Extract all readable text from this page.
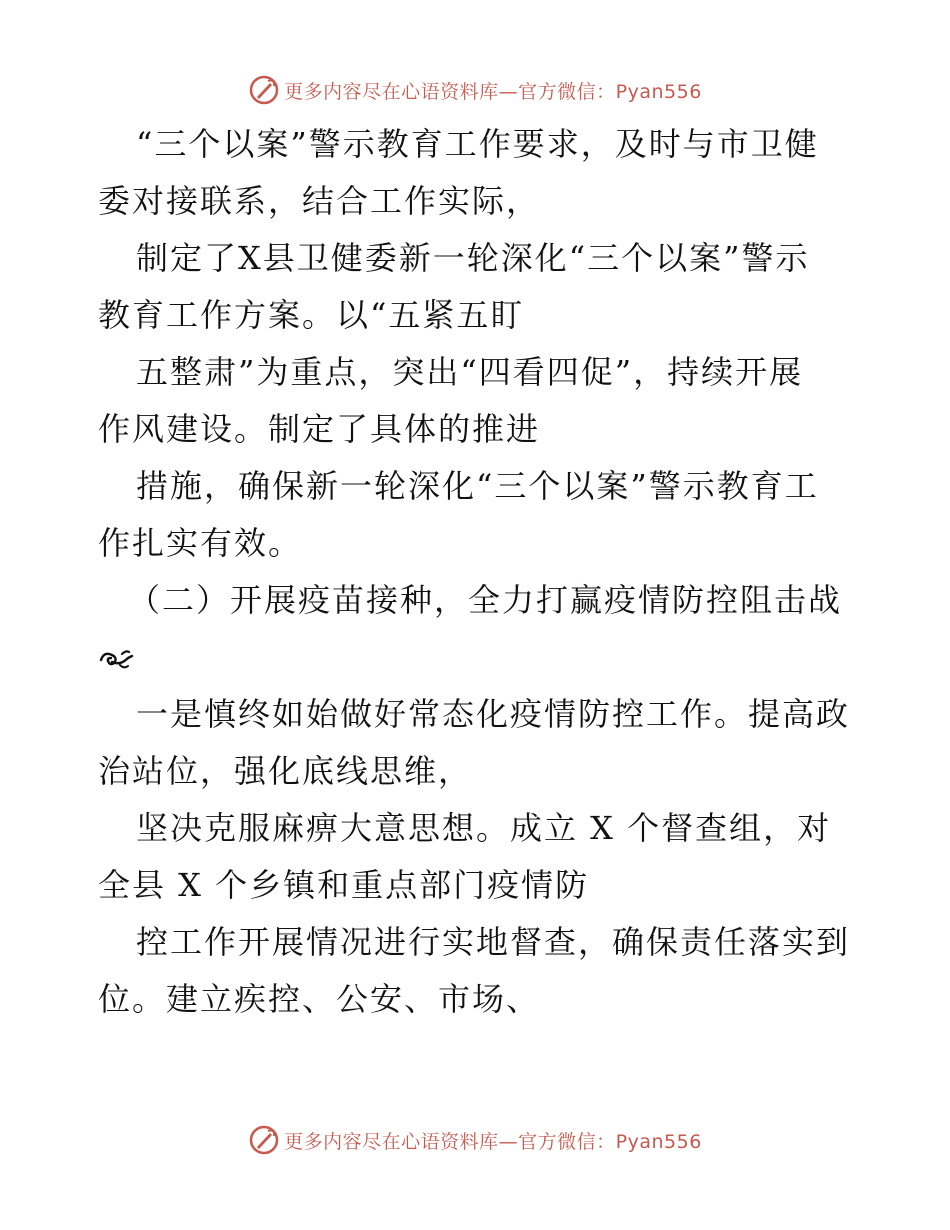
更多内容尽在心语资料库—官方微信：Pyan556

“三个以案”警示教育工作要求，及时与市卫健

委对接联系，结合工作实际，

制定了X县卫健委新一轮深化“三个以案”警示

教育工作方案。以“五紧五盯

五整肃”为重点，突出“四看四促”，持续开展

作风建设。制定了具体的推进

措施，确保新一轮深化“三个以案”警示教育工

作扎实有效。

（二）开展疫苗接种，全力打赢疫情防控阻击战

一是慎终如始做好常态化疫情防控工作。提高政

治站位，强化底线思维，

坚决克服麻痹大意思想。成立 X 个督查组，对

全县 X 个乡镇和重点部门疫情防

控工作开展情况进行实地督查，确保责任落实到

位。建立疾控、公安、市场、

更多内容尽在心语资料库—官方微信：Pyan556
